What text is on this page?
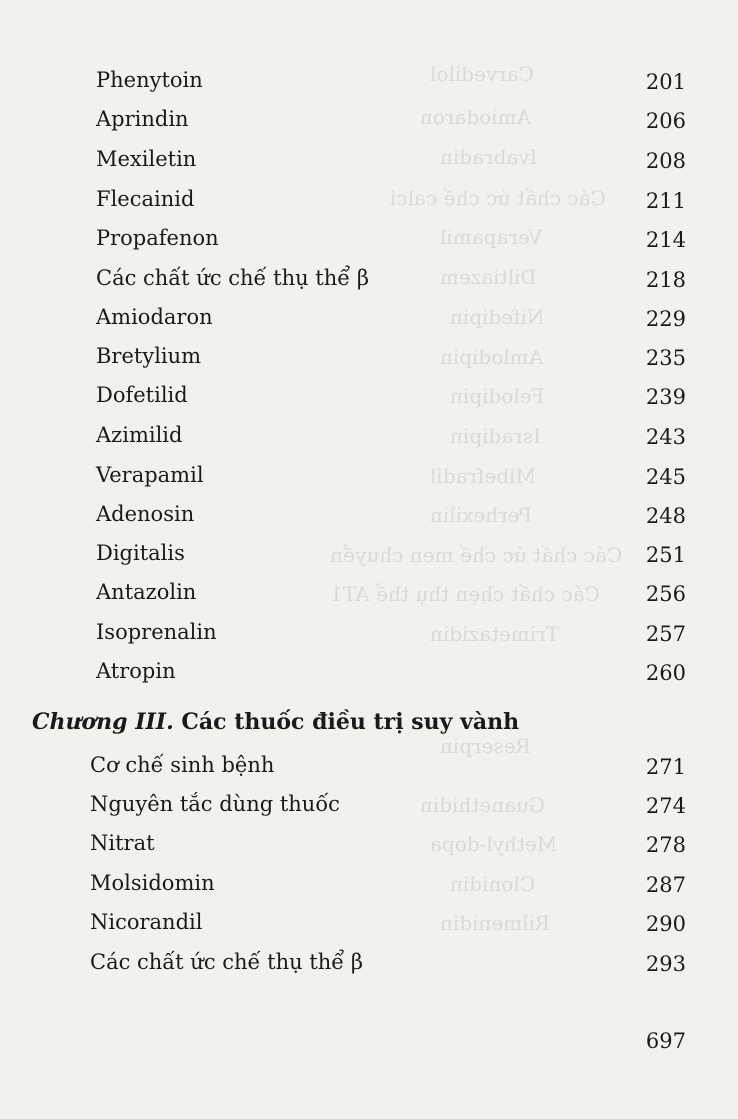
Carvedilol
Amiodaron
Ivabradin
Các chất ức chế calci
Verapamil
Diltiazem
Nifedipin
Amlodipin
Felodipin
Isradipin
Mibefradil
Perhexilin
Các chất ức chế men chuyển
Các chất chẹn thụ thể AT1
Trimetazidin
Reserpin
Guanethidin
Methyl-dopa
Clonidin
Rilmenidin
Phenytoin	201
Aprindin	206
Mexiletin	208
Flecainid	211
Propafenon	214
Các chất ức chế thụ thể β	218
Amiodaron	229
Bretylium	235
Dofetilid	239
Azimilid	243
Verapamil	245
Adenosin	248
Digitalis	251
Antazolin	256
Isoprenalin	257
Atropin	260
Chương III. Các thuốc điều trị suy vành
Cơ chế sinh bệnh	271
Nguyên tắc dùng thuốc	274
Nitrat	278
Molsidomin	287
Nicorandil	290
Các chất ức chế thụ thể β	293
697
